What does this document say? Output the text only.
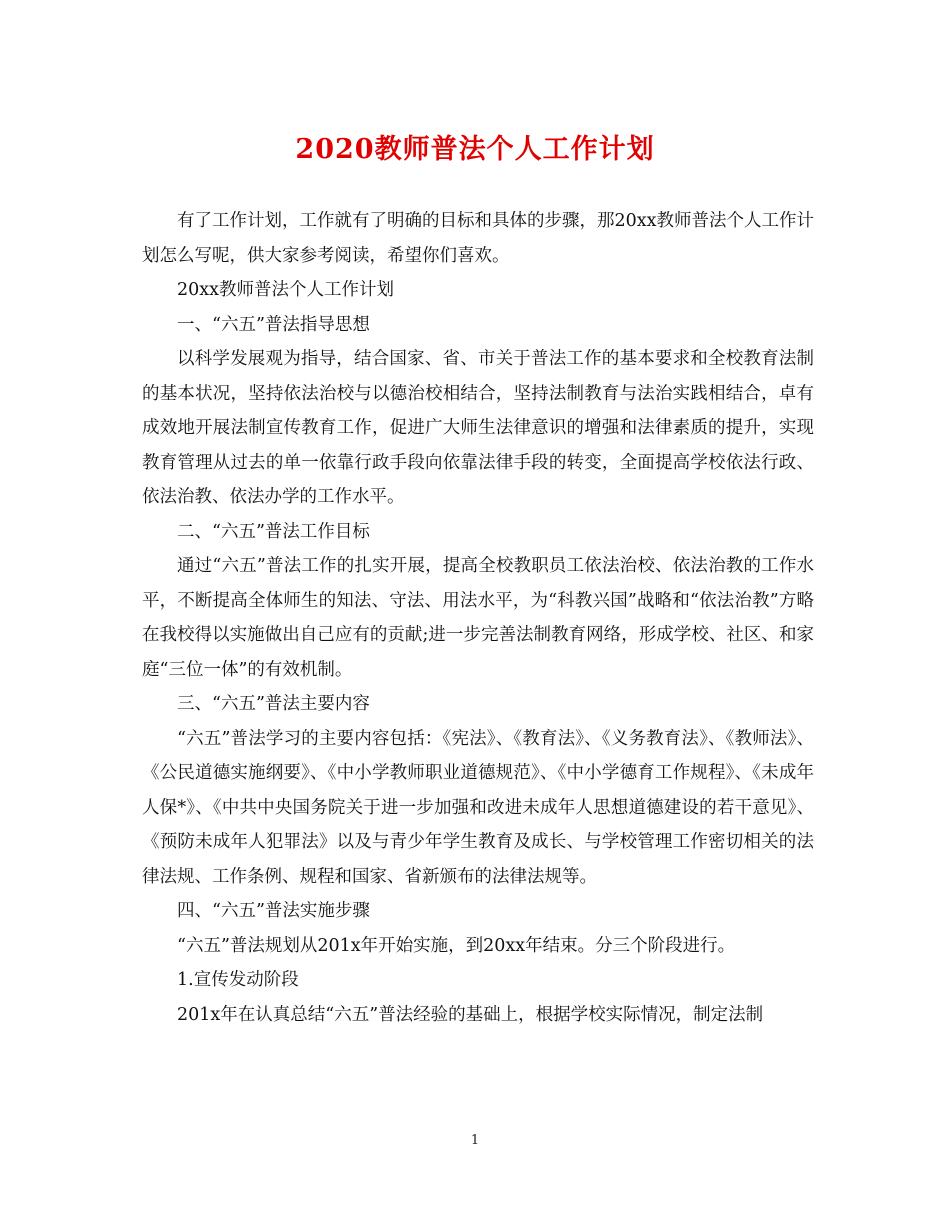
2020教师普法个人工作计划

有了工作计划，工作就有了明确的目标和具体的步骤，那20xx教师普法个人工作计划怎么写呢，供大家参考阅读，希望你们喜欢。

20xx教师普法个人工作计划

一、“六五”普法指导思想

以科学发展观为指导，结合国家、省、市关于普法工作的基本要求和全校教育法制的基本状况，坚持依法治校与以德治校相结合，坚持法制教育与法治实践相结合，卓有成效地开展法制宣传教育工作，促进广大师生法律意识的增强和法律素质的提升，实现教育管理从过去的单一依靠行政手段向依靠法律手段的转变，全面提高学校依法行政、依法治教、依法办学的工作水平。

二、“六五”普法工作目标

通过“六五”普法工作的扎实开展，提高全校教职员工依法治校、依法治教的工作水平，不断提高全体师生的知法、守法、用法水平，为“科教兴国”战略和“依法治教”方略在我校得以实施做出自己应有的贡献;进一步完善法制教育网络，形成学校、社区、和家庭“三位一体”的有效机制。

三、“六五”普法主要内容

“六五”普法学习的主要内容包括：《宪法》、《教育法》、《义务教育法》、《教师法》、《公民道德实施纲要》、《中小学教师职业道德规范》、《中小学德育工作规程》、《未成年人保*》、《中共中央国务院关于进一步加强和改进未成年人思想道德建设的若干意见》、《预防未成年人犯罪法》以及与青少年学生教育及成长、与学校管理工作密切相关的法律法规、工作条例、规程和国家、省新颁布的法律法规等。

四、“六五”普法实施步骤

“六五”普法规划从201x年开始实施，到20xx年结束。分三个阶段进行。

1.宣传发动阶段

201x年在认真总结“六五”普法经验的基础上，根据学校实际情况，制定法制

1
